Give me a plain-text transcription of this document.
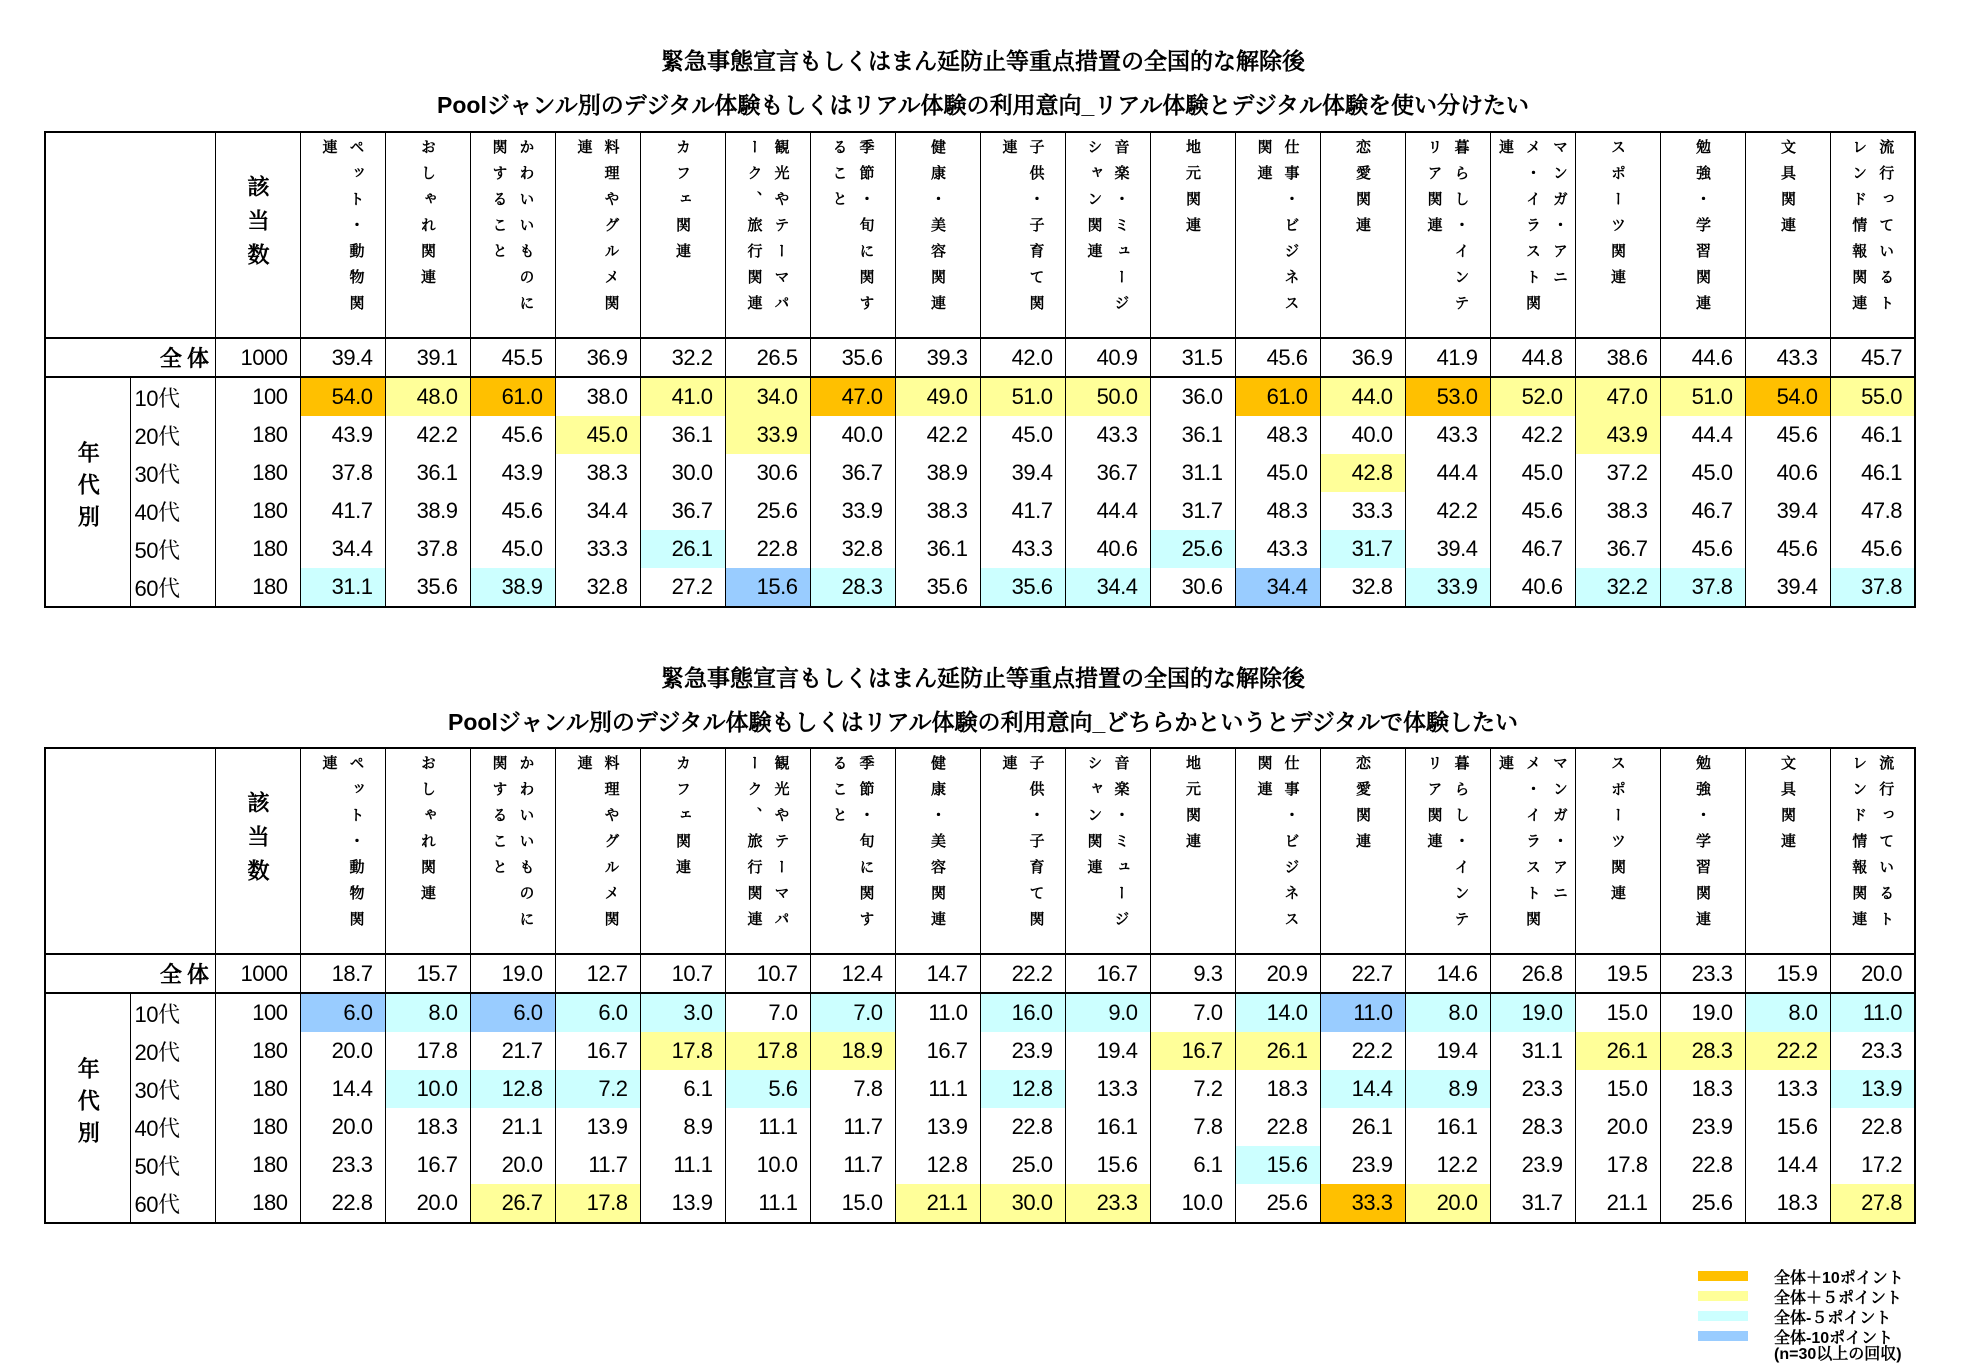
緊急事態宣言もしくはまん延防止等重点措置の全国的な解除後
Poolジャンル別のデジタル体験もしくはリアル体験の利用意向_リアル体験とデジタル体験を使い分けたい
		該当数	ペット・動物関連	おしゃれ関連	かわいいものに関すること	料理やグルメ関連	カフェ関連	観光やテーマパーク、旅行関連	季節・旬に関すること	健康・美容関連	子供・子育て関連	音楽・ミュージシャン関連	地元関連	仕事・ビジネス関連	恋愛関連	暮らし・インテリア関連	マンガ・アニメ・イラスト関連	スポーツ関連	勉強・学習関連	文具関連	流行っているトレンド情報関連
全 体		1000	39.4	39.1	45.5	36.9	32.2	26.5	35.6	39.3	42.0	40.9	31.5	45.6	36.9	41.9	44.8	38.6	44.6	43.3	45.7
年代別	10代	100	54.0	48.0	61.0	38.0	41.0	34.0	47.0	49.0	51.0	50.0	36.0	61.0	44.0	53.0	52.0	47.0	51.0	54.0	55.0
	20代	180	43.9	42.2	45.6	45.0	36.1	33.9	40.0	42.2	45.0	43.3	36.1	48.3	40.0	43.3	42.2	43.9	44.4	45.6	46.1
	30代	180	37.8	36.1	43.9	38.3	30.0	30.6	36.7	38.9	39.4	36.7	31.1	45.0	42.8	44.4	45.0	37.2	45.0	40.6	46.1
	40代	180	41.7	38.9	45.6	34.4	36.7	25.6	33.9	38.3	41.7	44.4	31.7	48.3	33.3	42.2	45.6	38.3	46.7	39.4	47.8
	50代	180	34.4	37.8	45.0	33.3	26.1	22.8	32.8	36.1	43.3	40.6	25.6	43.3	31.7	39.4	46.7	36.7	45.6	45.6	45.6
	60代	180	31.1	35.6	38.9	32.8	27.2	15.6	28.3	35.6	35.6	34.4	30.6	34.4	32.8	33.9	40.6	32.2	37.8	39.4	37.8
緊急事態宣言もしくはまん延防止等重点措置の全国的な解除後
Poolジャンル別のデジタル体験もしくはリアル体験の利用意向_どちらかというとデジタルで体験したい
		該当数	ペット・動物関連	おしゃれ関連	かわいいものに関すること	料理やグルメ関連	カフェ関連	観光やテーマパーク、旅行関連	季節・旬に関すること	健康・美容関連	子供・子育て関連	音楽・ミュージシャン関連	地元関連	仕事・ビジネス関連	恋愛関連	暮らし・インテリア関連	マンガ・アニメ・イラスト関連	スポーツ関連	勉強・学習関連	文具関連	流行っているトレンド情報関連
全 体		1000	18.7	15.7	19.0	12.7	10.7	10.7	12.4	14.7	22.2	16.7	9.3	20.9	22.7	14.6	26.8	19.5	23.3	15.9	20.0
年代別	10代	100	6.0	8.0	6.0	6.0	3.0	7.0	7.0	11.0	16.0	9.0	7.0	14.0	11.0	8.0	19.0	15.0	19.0	8.0	11.0
	20代	180	20.0	17.8	21.7	16.7	17.8	17.8	18.9	16.7	23.9	19.4	16.7	26.1	22.2	19.4	31.1	26.1	28.3	22.2	23.3
	30代	180	14.4	10.0	12.8	7.2	6.1	5.6	7.8	11.1	12.8	13.3	7.2	18.3	14.4	8.9	23.3	15.0	18.3	13.3	13.9
	40代	180	20.0	18.3	21.1	13.9	8.9	11.1	11.7	13.9	22.8	16.1	7.8	22.8	26.1	16.1	28.3	20.0	23.9	15.6	22.8
	50代	180	23.3	16.7	20.0	11.7	11.1	10.0	11.7	12.8	25.0	15.6	6.1	15.6	23.9	12.2	23.9	17.8	22.8	14.4	17.2
	60代	180	22.8	20.0	26.7	17.8	13.9	11.1	15.0	21.1	30.0	23.3	10.0	25.6	33.3	20.0	31.7	21.1	25.6	18.3	27.8
全体＋10ポイント
全体＋５ポイント
全体-５ポイント
全体-10ポイント
(n=30以上の回収)
